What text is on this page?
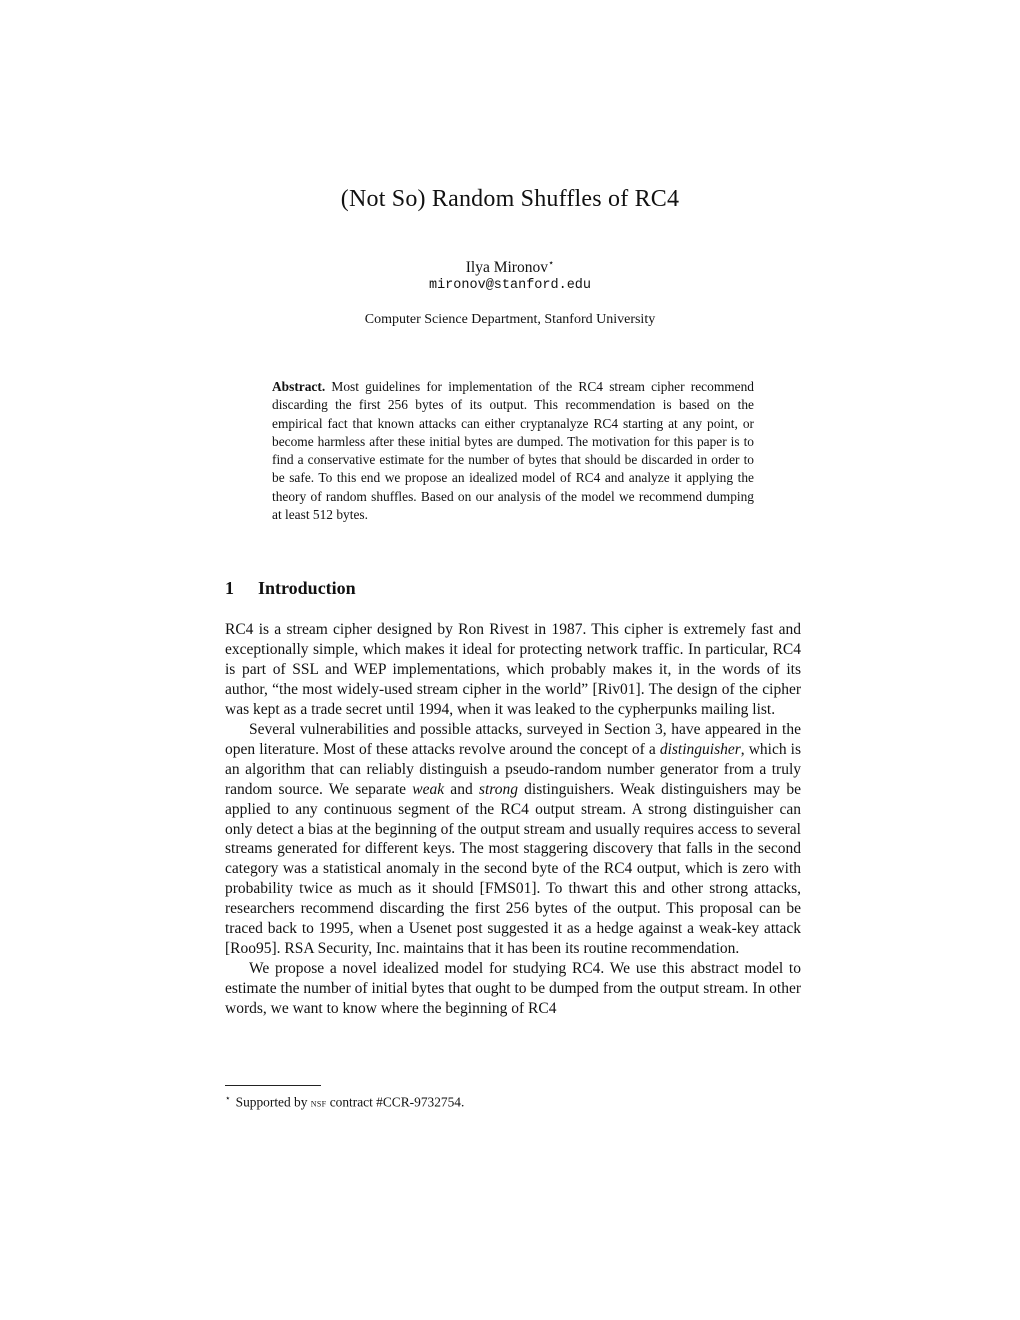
(Not So) Random Shuffles of RC4
Ilya Mironov⋆
mironov@stanford.edu
Computer Science Department, Stanford University
Abstract. Most guidelines for implementation of the RC4 stream cipher recommend discarding the first 256 bytes of its output. This recommendation is based on the empirical fact that known attacks can either cryptanalyze RC4 starting at any point, or become harmless after these initial bytes are dumped. The motivation for this paper is to find a conservative estimate for the number of bytes that should be discarded in order to be safe. To this end we propose an idealized model of RC4 and analyze it applying the theory of random shuffles. Based on our analysis of the model we recommend dumping at least 512 bytes.
1 Introduction

RC4 is a stream cipher designed by Ron Rivest in 1987. This cipher is extremely fast and exceptionally simple, which makes it ideal for protecting network traffic. In particular, RC4 is part of SSL and WEP implementations, which probably makes it, in the words of its author, “the most widely-used stream cipher in the world” [Riv01]. The design of the cipher was kept as a trade secret until 1994, when it was leaked to the cypherpunks mailing list.

Several vulnerabilities and possible attacks, surveyed in Section 3, have appeared in the open literature. Most of these attacks revolve around the concept of a distinguisher, which is an algorithm that can reliably distinguish a pseudo-random number generator from a truly random source. We separate weak and strong distinguishers. Weak distinguishers may be applied to any continuous segment of the RC4 output stream. A strong distinguisher can only detect a bias at the beginning of the output stream and usually requires access to several streams generated for different keys. The most staggering discovery that falls in the second category was a statistical anomaly in the second byte of the RC4 output, which is zero with probability twice as much as it should [FMS01]. To thwart this and other strong attacks, researchers recommend discarding the first 256 bytes of the output. This proposal can be traced back to 1995, when a Usenet post suggested it as a hedge against a weak-key attack [Roo95]. RSA Security, Inc. maintains that it has been its routine recommendation.

We propose a novel idealized model for studying RC4. We use this abstract model to estimate the number of initial bytes that ought to be dumped from the output stream. In other words, we want to know where the beginning of RC4

⋆ Supported by nsf contract #CCR-9732754.
